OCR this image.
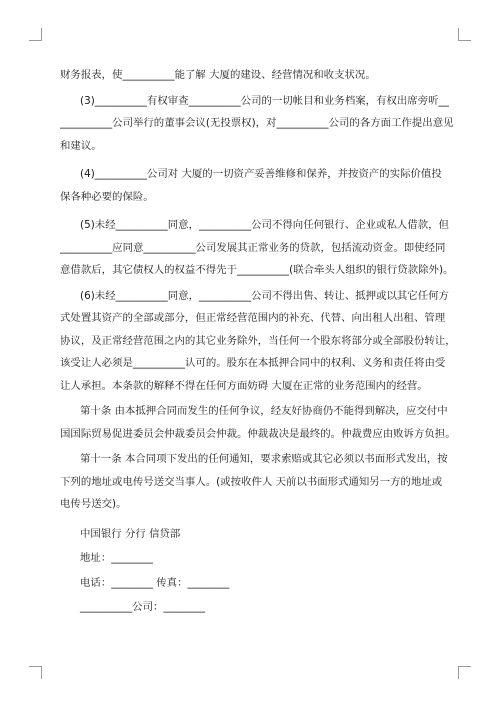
财务报表，使__________能了解 大厦的建设、经营情况和收支状况。
(3)__________有权审查__________公司的一切帐目和业务档案，有权出席旁听__
__________公司举行的董事会议(无投票权)，对__________公司的各方面工作提出意见
和建议。
(4)__________公司对 大厦的一切资产妥善维修和保养，并按资产的实际价值投
保各种必要的保险。
(5)未经__________同意，__________公司不得向任何银行、企业或私人借款，但
__________应同意__________公司发展其正常业务的贷款，包括流动资金。即使经同
意借款后，其它债权人的权益不得先于__________(联合牵头人组织的银行贷款除外)。
(6)未经__________同意，__________公司不得出售、转让、抵押或以其它任何方
式处置其资产的全部或部分，但正常经营范围内的补充、代替、向出租人出租、管理
协议，及正常经营范围之内的其它业务除外，当任何一个股东将部分或全部股份转让，
该受让人必须是__________认可的。股东在本抵押合同中的权利、义务和责任将由受
让人承担。本条款的解释不得在任何方面妨碍 大厦在正常的业务范围内的经营。
第十条 由本抵押合同而发生的任何争议，经友好协商仍不能得到解决，应交付中
国国际贸易促进委员会仲裁委员会仲裁。仲裁裁决是最终的。仲裁费应由败诉方负担。
第十一条 本合同项下发出的任何通知，要求索赔或其它必须以书面形式发出，按
下列的地址或电传号送交当事人。(或按收件人 天前以书面形式通知另一方的地址或
电传号送交)。
中国银行 分行 信贷部
地址：________
电话：________ 传真：________
__________公司：________
